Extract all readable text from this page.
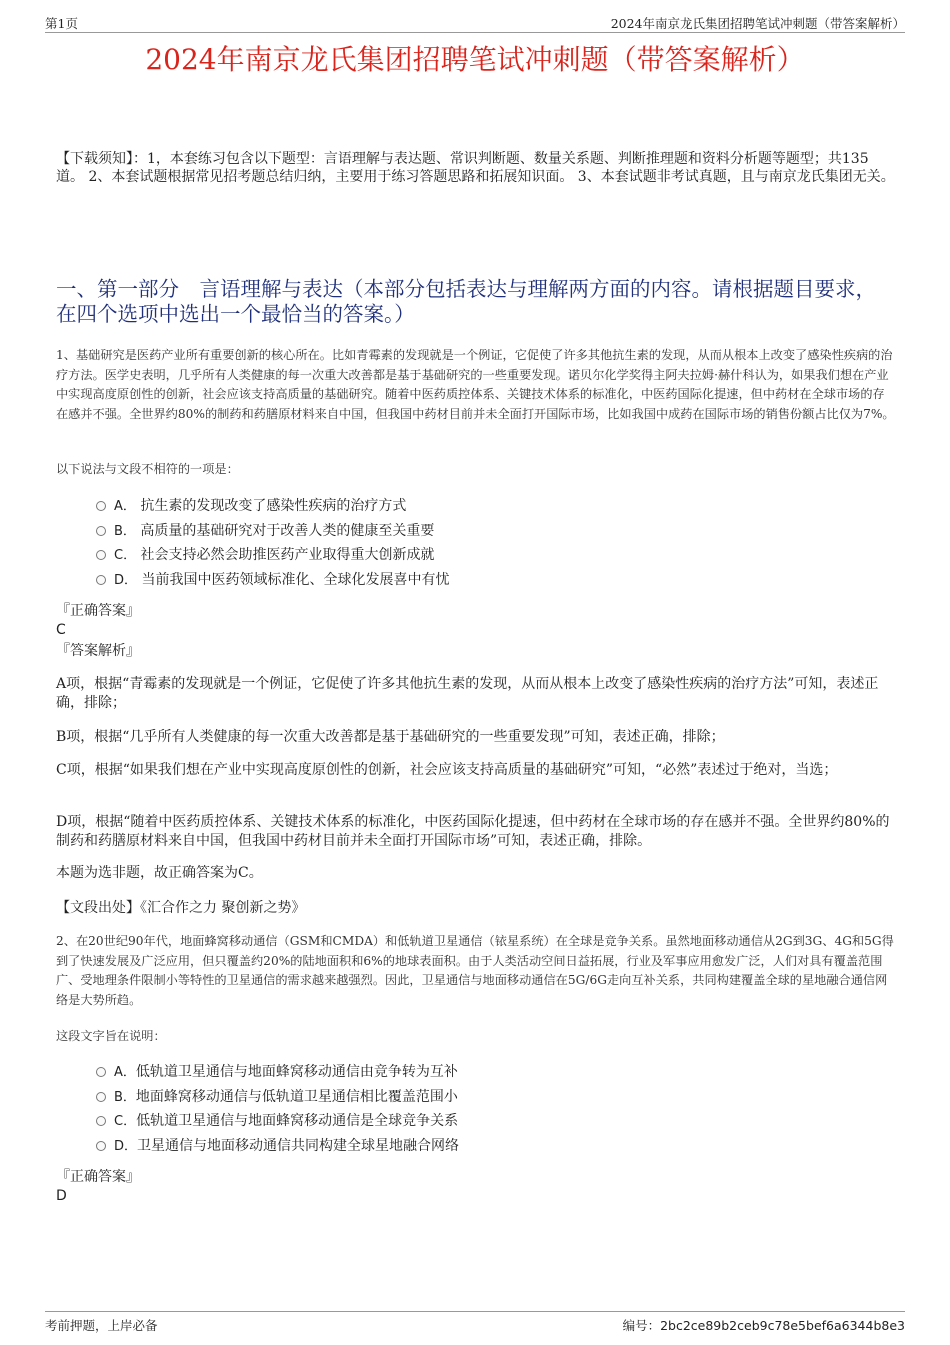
第1页	2024年南京龙氏集团招聘笔试冲刺题（带答案解析）
2024年南京龙氏集团招聘笔试冲刺题（带答案解析）
【下载须知】：1，本套练习包含以下题型：言语理解与表达题、常识判断题、数量关系题、判断推理题和资料分析题等题型；共135道。 2、本套试题根据常见招考题总结归纳，主要用于练习答题思路和拓展知识面。 3、本套试题非考试真题，且与南京龙氏集团无关。
一、第一部分　言语理解与表达（本部分包括表达与理解两方面的内容。请根据题目要求，在四个选项中选出一个最恰当的答案。）
1、基础研究是医药产业所有重要创新的核心所在。比如青霉素的发现就是一个例证，它促使了许多其他抗生素的发现，从而从根本上改变了感染性疾病的治疗方法。医学史表明，几乎所有人类健康的每一次重大改善都是基于基础研究的一些重要发现。诺贝尔化学奖得主阿夫拉姆·赫什科认为，如果我们想在产业中实现高度原创性的创新，社会应该支持高质量的基础研究。随着中医药质控体系、关键技术体系的标准化，中医药国际化提速，但中药材在全球市场的存在感并不强。全世界约80%的制药和药膳原材料来自中国，但我国中药材目前并未全面打开国际市场，比如我国中成药在国际市场的销售份额占比仅为7%。
以下说法与文段不相符的一项是：
A． 抗生素的发现改变了感染性疾病的治疗方式
B． 高质量的基础研究对于改善人类的健康至关重要
C． 社会支持必然会助推医药产业取得重大创新成就
D． 当前我国中医药领域标准化、全球化发展喜中有忧
『正确答案』
C
『答案解析』
A项，根据“青霉素的发现就是一个例证，它促使了许多其他抗生素的发现，从而从根本上改变了感染性疾病的治疗方法”可知，表述正确，排除；
B项，根据“几乎所有人类健康的每一次重大改善都是基于基础研究的一些重要发现”可知，表述正确，排除；
C项，根据“如果我们想在产业中实现高度原创性的创新，社会应该支持高质量的基础研究”可知，“必然”表述过于绝对，当选；
D项，根据“随着中医药质控体系、关键技术体系的标准化，中医药国际化提速，但中药材在全球市场的存在感并不强。全世界约80%的制药和药膳原材料来自中国，但我国中药材目前并未全面打开国际市场”可知，表述正确，排除。
本题为选非题，故正确答案为C。
【文段出处】《汇合作之力 聚创新之势》
2、在20世纪90年代，地面蜂窝移动通信（GSM和CMDA）和低轨道卫星通信（铱星系统）在全球是竞争关系。虽然地面移动通信从2G到3G、4G和5G得到了快速发展及广泛应用，但只覆盖约20%的陆地面积和6%的地球表面积。由于人类活动空间日益拓展，行业及军事应用愈发广泛，人们对具有覆盖范围广、受地理条件限制小等特性的卫星通信的需求越来越强烈。因此，卫星通信与地面移动通信在5G/6G走向互补关系，共同构建覆盖全球的星地融合通信网络是大势所趋。
这段文字旨在说明：
A．低轨道卫星通信与地面蜂窝移动通信由竞争转为互补
B．地面蜂窝移动通信与低轨道卫星通信相比覆盖范围小
C．低轨道卫星通信与地面蜂窝移动通信是全球竞争关系
D．卫星通信与地面移动通信共同构建全球星地融合网络
『正确答案』
D
考前押题，上岸必备	编号：2bc2ce89b2ceb9c78e5bef6a6344b8e3
